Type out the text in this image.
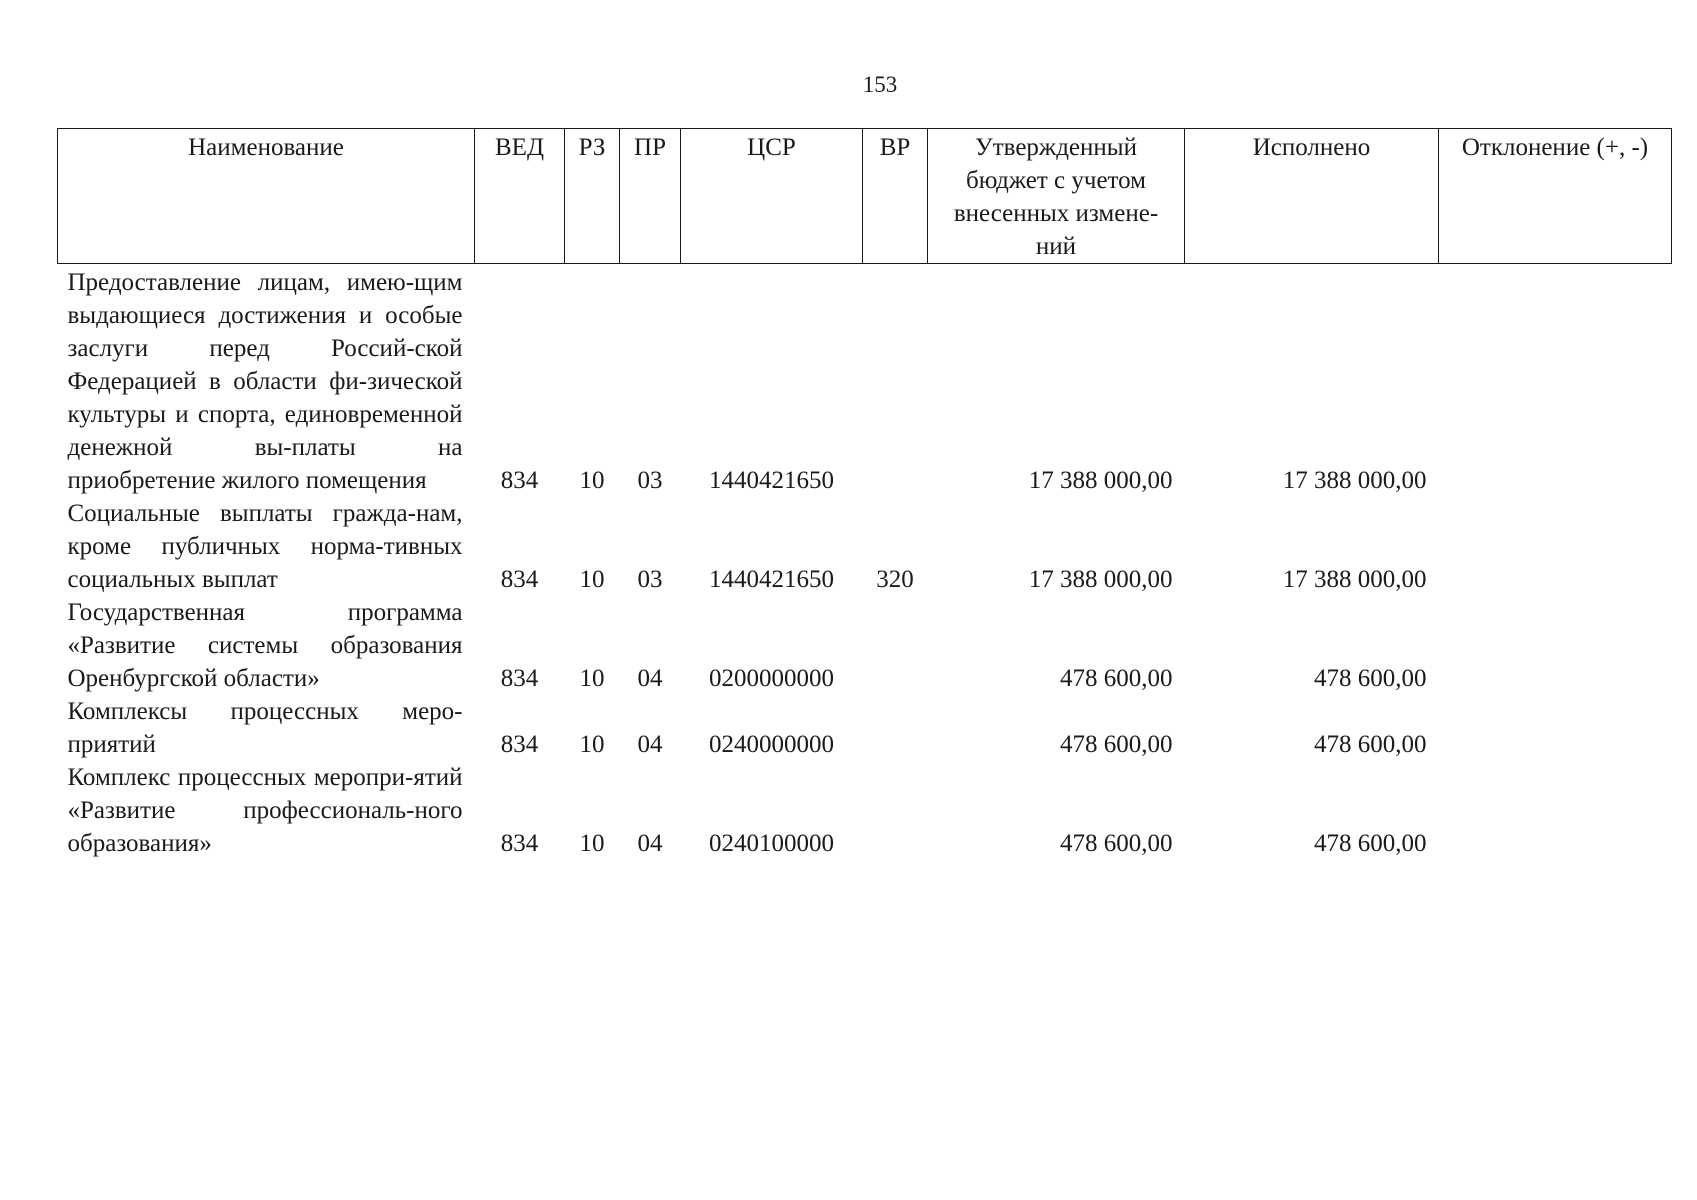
153
Наименование	ВЕД	РЗ	ПР	ЦСР	ВР	Утвержденный бюджет с учетом внесенных измене-ний	Исполнено	Отклонение (+, -)
Предоставление лицам, имею-щим выдающиеся достижения и особые заслуги перед Россий-ской Федерацией в области фи-зической культуры и спорта, единовременной денежной вы-платы на приобретение жилого помещения	834	10	03	1440421650		17 388 000,00	17 388 000,00	
Социальные выплаты гражда-нам, кроме публичных норма-тивных социальных выплат	834	10	03	1440421650	320	17 388 000,00	17 388 000,00	
Государственная программа «Развитие системы образования Оренбургской области»	834	10	04	0200000000		478 600,00	478 600,00	
Комплексы процессных меро-приятий	834	10	04	0240000000		478 600,00	478 600,00	
Комплекс процессных меропри-ятий «Развитие профессиональ-ного образования»	834	10	04	0240100000		478 600,00	478 600,00	
